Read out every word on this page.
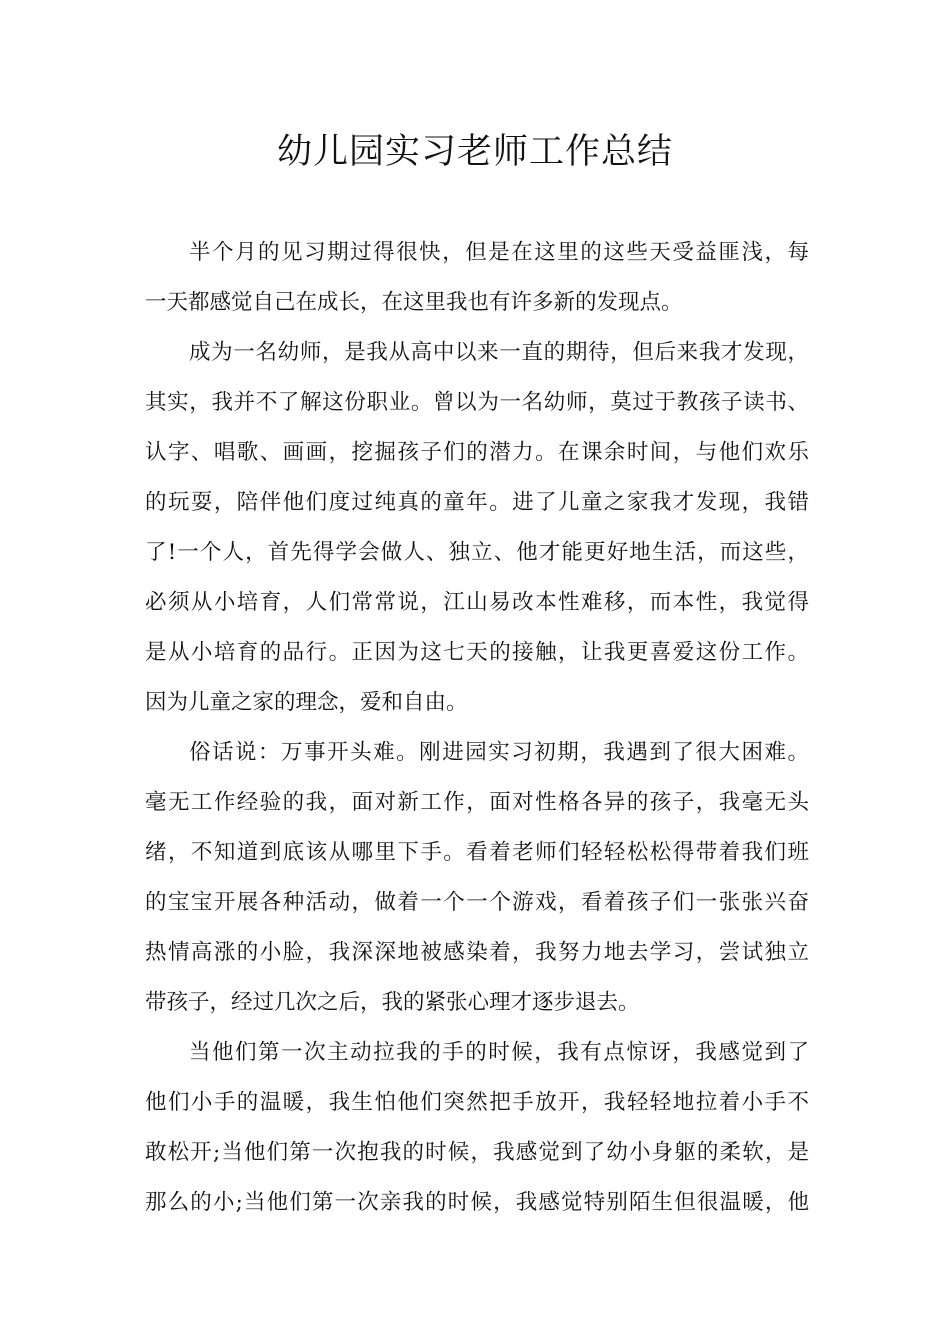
幼儿园实习老师工作总结
半个月的见习期过得很快，但是在这里的这些天受益匪浅，每
一天都感觉自己在成长，在这里我也有许多新的发现点。
成为一名幼师，是我从高中以来一直的期待，但后来我才发现，
其实，我并不了解这份职业。曾以为一名幼师，莫过于教孩子读书、
认字、唱歌、画画，挖掘孩子们的潜力。在课余时间，与他们欢乐
的玩耍，陪伴他们度过纯真的童年。进了儿童之家我才发现，我错
了!一个人，首先得学会做人、独立、他才能更好地生活，而这些，
必须从小培育，人们常常说，江山易改本性难移，而本性，我觉得
是从小培育的品行。正因为这七天的接触，让我更喜爱这份工作。
因为儿童之家的理念，爱和自由。
俗话说：万事开头难。刚进园实习初期，我遇到了很大困难。
毫无工作经验的我，面对新工作，面对性格各异的孩子，我毫无头
绪，不知道到底该从哪里下手。看着老师们轻轻松松得带着我们班
的宝宝开展各种活动，做着一个一个游戏，看着孩子们一张张兴奋
热情高涨的小脸，我深深地被感染着，我努力地去学习，尝试独立
带孩子，经过几次之后，我的紧张心理才逐步退去。
当他们第一次主动拉我的手的时候，我有点惊讶，我感觉到了
他们小手的温暖，我生怕他们突然把手放开，我轻轻地拉着小手不
敢松开;当他们第一次抱我的时候，我感觉到了幼小身躯的柔软，是
那么的小;当他们第一次亲我的时候，我感觉特别陌生但很温暖，他
